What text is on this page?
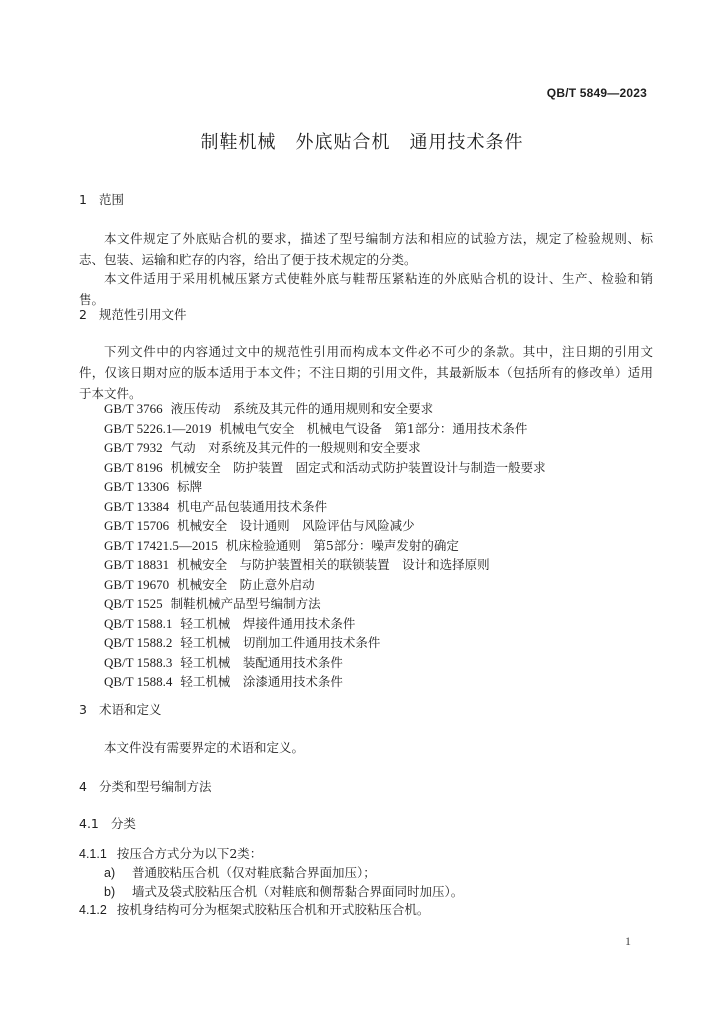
QB/T 5849—2023
制鞋机械　外底贴合机　通用技术条件
1 范围
本文件规定了外底贴合机的要求，描述了型号编制方法和相应的试验方法，规定了检验规则、标志、包装、运输和贮存的内容，给出了便于技术规定的分类。
本文件适用于采用机械压紧方式使鞋外底与鞋帮压紧粘连的外底贴合机的设计、生产、检验和销售。
2 规范性引用文件
下列文件中的内容通过文中的规范性引用而构成本文件必不可少的条款。其中，注日期的引用文件，仅该日期对应的版本适用于本文件；不注日期的引用文件，其最新版本（包括所有的修改单）适用于本文件。
GB/T 3766 液压传动　系统及其元件的通用规则和安全要求
GB/T 5226.1—2019 机械电气安全　机械电气设备　第1部分：通用技术条件
GB/T 7932 气动　对系统及其元件的一般规则和安全要求
GB/T 8196 机械安全　防护装置　固定式和活动式防护装置设计与制造一般要求
GB/T 13306 标牌
GB/T 13384 机电产品包装通用技术条件
GB/T 15706 机械安全　设计通则　风险评估与风险减少
GB/T 17421.5—2015 机床检验通则　第5部分：噪声发射的确定
GB/T 18831 机械安全　与防护装置相关的联锁装置　设计和选择原则
GB/T 19670 机械安全　防止意外启动
QB/T 1525 制鞋机械产品型号编制方法
QB/T 1588.1 轻工机械　焊接件通用技术条件
QB/T 1588.2 轻工机械　切削加工件通用技术条件
QB/T 1588.3 轻工机械　装配通用技术条件
QB/T 1588.4 轻工机械　涂漆通用技术条件
3 术语和定义
本文件没有需要界定的术语和定义。
4 分类和型号编制方法
4.1 分类
4.1.1 按压合方式分为以下2类：
a) 普通胶粘压合机（仅对鞋底黏合界面加压）；
b) 墙式及袋式胶粘压合机（对鞋底和侧帮黏合界面同时加压）。
4.1.2 按机身结构可分为框架式胶粘压合机和开式胶粘压合机。
1
